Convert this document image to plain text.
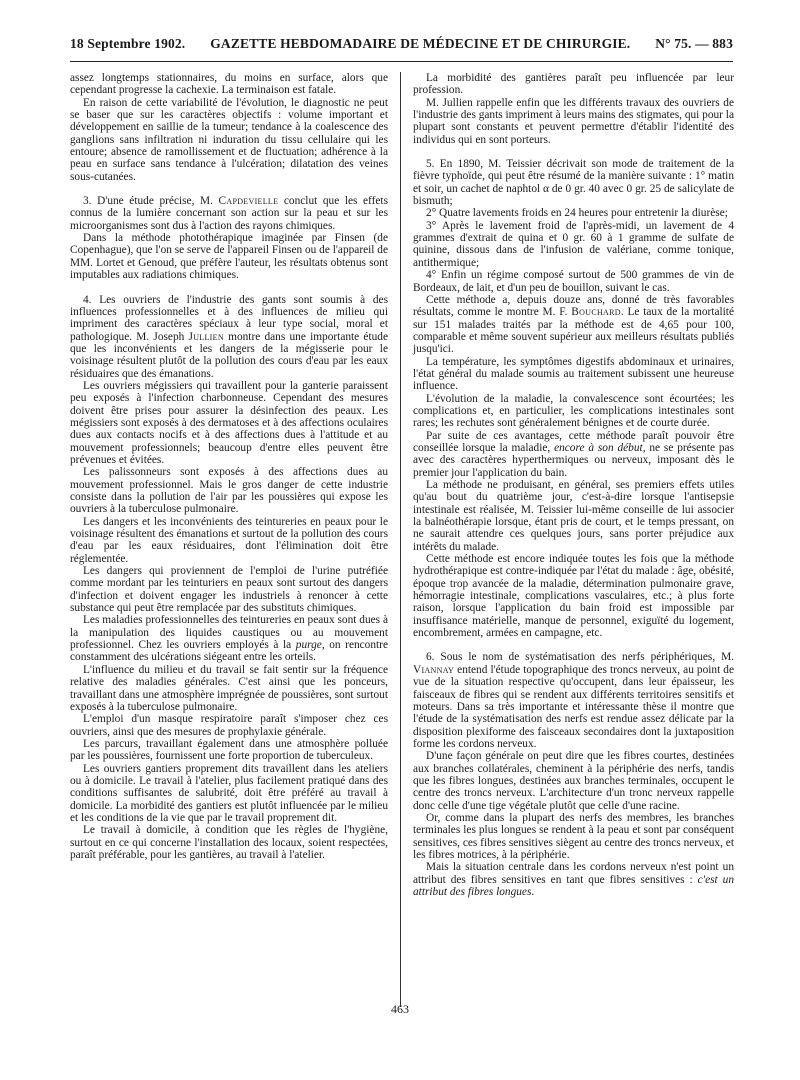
18 Septembre 1902. GAZETTE HEBDOMADAIRE DE MÉDECINE ET DE CHIRURGIE. N° 75. — 883

assez longtemps stationnaires, du moins en surface, alors que cependant progresse la cachexie. La terminaison est fatale.

En raison de cette variabilité de l'évolution, le diagnostic ne peut se baser que sur les caractères objectifs : volume important et développement en saillie de la tumeur; tendance à la coalescence des ganglions sans infiltration ni induration du tissu cellulaire qui les entoure; absence de ramollissement et de fluctuation; adhérence à la peau en surface sans tendance à l'ulcération; dilatation des veines sous-cutanées.

3. D'une étude précise, M. Capdevielle conclut que les effets connus de la lumière concernant son action sur la peau et sur les microorganismes sont dus à l'action des rayons chimiques.

Dans la méthode photothérapique imaginée par Finsen (de Copenhague), que l'on se serve de l'appareil Finsen ou de l'appareil de MM. Lortet et Genoud, que préfère l'auteur, les résultats obtenus sont imputables aux radiations chimiques.

4. Les ouvriers de l'industrie des gants sont soumis à des influences professionnelles et à des influences de milieu qui impriment des caractères spéciaux à leur type social, moral et pathologique. M. Joseph Jullien montre dans une importante étude que les inconvénients et les dangers de la mégisserie pour le voisinage résultent plutôt de la pollution des cours d'eau par les eaux résiduaires que des émanations.

Les ouvriers mégissiers qui travaillent pour la ganterie paraissent peu exposés à l'infection charbonneuse. Cependant des mesures doivent être prises pour assurer la désinfection des peaux. Les mégissiers sont exposés à des dermatoses et à des affections oculaires dues aux contacts nocifs et à des affections dues à l'attitude et au mouvement professionnels; beaucoup d'entre elles peuvent être prévenues et évitées.

Les palissonneurs sont exposés à des affections dues au mouvement professionnel. Mais le gros danger de cette industrie consiste dans la pollution de l'air par les poussières qui expose les ouvriers à la tuberculose pulmonaire.

Les dangers et les inconvénients des teintureries en peaux pour le voisinage résultent des émanations et surtout de la pollution des cours d'eau par les eaux résiduaires, dont l'élimination doit être réglementée.

Les dangers qui proviennent de l'emploi de l'urine putréfiée comme mordant par les teinturiers en peaux sont surtout des dangers d'infection et doivent engager les industriels à renoncer à cette substance qui peut être remplacée par des substituts chimiques.

Les maladies professionnelles des teintureries en peaux sont dues à la manipulation des liquides caustiques ou au mouvement professionnel. Chez les ouvriers employés à la purge, on rencontre constamment des ulcérations siégeant entre les orteils.

L'influence du milieu et du travail se fait sentir sur la fréquence relative des maladies générales. C'est ainsi que les ponceurs, travaillant dans une atmosphère imprégnée de poussières, sont surtout exposés à la tuberculose pulmonaire.

L'emploi d'un masque respiratoire paraît s'imposer chez ces ouvriers, ainsi que des mesures de prophylaxie générale.

Les parcurs, travaillant également dans une atmosphère polluée par les poussières, fournissent une forte proportion de tuberculeux.

Les ouvriers gantiers proprement dits travaillent dans les ateliers ou à domicile. Le travail à l'atelier, plus facilement pratiqué dans des conditions suffisantes de salubrité, doit être préféré au travail à domicile. La morbidité des gantiers est plutôt influencée par le milieu et les conditions de la vie que par le travail proprement dit.

Le travail à domicile, à condition que les règles de l'hygiène, surtout en ce qui concerne l'installation des locaux, soient respectées, paraît préférable, pour les gantières, au travail à l'atelier.

La morbidité des gantières paraît peu influencée par leur profession.

M. Jullien rappelle enfin que les différents travaux des ouvriers de l'industrie des gants impriment à leurs mains des stigmates, qui pour la plupart sont constants et peuvent permettre d'établir l'identité des individus qui en sont porteurs.

5. En 1890, M. Teissier décrivait son mode de traitement de la fièvre typhoïde, qui peut être résumé de la manière suivante : 1° matin et soir, un cachet de naphtol α de 0 gr. 40 avec 0 gr. 25 de salicylate de bismuth;

2° Quatre lavements froids en 24 heures pour entretenir la diurèse;

3° Après le lavement froid de l'après-midi, un lavement de 4 grammes d'extrait de quina et 0 gr. 60 à 1 gramme de sulfate de quinine, dissous dans de l'infusion de valériane, comme tonique, antithermique;

4° Enfin un régime composé surtout de 500 grammes de vin de Bordeaux, de lait, et d'un peu de bouillon, suivant le cas.

Cette méthode a, depuis douze ans, donné de très favorables résultats, comme le montre M. F. Bouchard. Le taux de la mortalité sur 151 malades traités par la méthode est de 4,65 pour 100, comparable et même souvent supérieur aux meilleurs résultats publiés jusqu'ici.

La température, les symptômes digestifs abdominaux et urinaires, l'état général du malade soumis au traitement subissent une heureuse influence.

L'évolution de la maladie, la convalescence sont écourtées; les complications et, en particulier, les complications intestinales sont rares; les rechutes sont généralement bénignes et de courte durée.

Par suite de ces avantages, cette méthode paraît pouvoir être conseillée lorsque la maladie, encore à son début, ne se présente pas avec des caractères hyperthermiques ou nerveux, imposant dès le premier jour l'application du bain.

La méthode ne produisant, en général, ses premiers effets utiles qu'au bout du quatrième jour, c'est-à-dire lorsque l'antisepsie intestinale est réalisée, M. Teissier lui-même conseille de lui associer la balnéothérapie lorsque, étant pris de court, et le temps pressant, on ne saurait attendre ces quelques jours, sans porter préjudice aux intérêts du malade.

Cette méthode est encore indiquée toutes les fois que la méthode hydrothérapique est contre-indiquée par l'état du malade : âge, obésité, époque trop avancée de la maladie, détermination pulmonaire grave, hémorragie intestinale, complications vasculaires, etc.; à plus forte raison, lorsque l'application du bain froid est impossible par insuffisance matérielle, manque de personnel, exiguïté du logement, encombrement, armées en campagne, etc.

6. Sous le nom de systématisation des nerfs périphériques, M. Viannay entend l'étude topographique des troncs nerveux, au point de vue de la situation respective qu'occupent, dans leur épaisseur, les faisceaux de fibres qui se rendent aux différents territoires sensitifs et moteurs. Dans sa très importante et intéressante thèse il montre que l'étude de la systématisation des nerfs est rendue assez délicate par la disposition plexiforme des faisceaux secondaires dont la juxtaposition forme les cordons nerveux.

D'une façon générale on peut dire que les fibres courtes, destinées aux branches collatérales, cheminent à la périphérie des nerfs, tandis que les fibres longues, destinées aux branches terminales, occupent le centre des troncs nerveux. L'architecture d'un tronc nerveux rappelle donc celle d'une tige végétale plutôt que celle d'une racine.

Or, comme dans la plupart des nerfs des membres, les branches terminales les plus longues se rendent à la peau et sont par conséquent sensitives, ces fibres sensitives siègent au centre des troncs nerveux, et les fibres motrices, à la périphérie.

Mais la situation centrale dans les cordons nerveux n'est point un attribut des fibres sensitives en tant que fibres sensitives : c'est un attribut des fibres longues.

463
